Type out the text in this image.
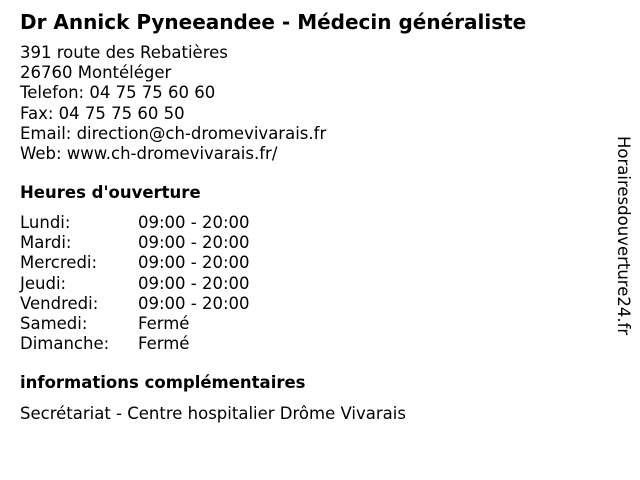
Dr Annick Pyneeandee - Médecin généraliste
391 route des Rebatières
26760 Montéléger
Telefon: 04 75 75 60 60
Fax: 04 75 75 60 50
Email: direction@ch-dromevivarais.fr
Web: www.ch-dromevivarais.fr/
Heures d'ouverture
Lundi:	09:00 - 20:00
Mardi:	09:00 - 20:00
Mercredi:	09:00 - 20:00
Jeudi:	09:00 - 20:00
Vendredi:	09:00 - 20:00
Samedi:	Fermé
Dimanche:	Fermé
informations complémentaires
Secrétariat - Centre hospitalier Drôme Vivarais
Horairesdouverture24.fr
